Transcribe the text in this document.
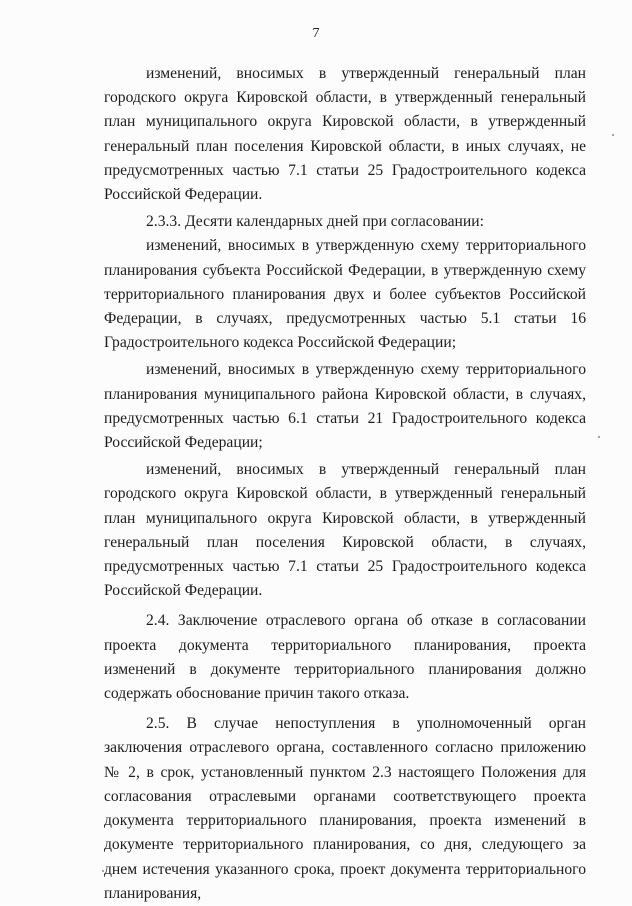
7

изменений, вносимых в утвержденный генеральный план городского округа Кировской области, в утвержденный генеральный план муниципального округа Кировской области, в утвержденный генеральный план поселения Кировской области, в иных случаях, не предусмотренных частью 7.1 статьи 25 Градостроительного кодекса Российской Федерации.

2.3.3. Десяти календарных дней при согласовании:

изменений, вносимых в утвержденную схему территориального планирования субъекта Российской Федерации, в утвержденную схему территориального планирования двух и более субъектов Российской Федерации, в случаях, предусмотренных частью 5.1 статьи 16 Градостроительного кодекса Российской Федерации;

изменений, вносимых в утвержденную схему территориального планирования муниципального района Кировской области, в случаях, предусмотренных частью 6.1 статьи 21 Градостроительного кодекса Российской Федерации;

изменений, вносимых в утвержденный генеральный план городского округа Кировской области, в утвержденный генеральный план муниципального округа Кировской области, в утвержденный генеральный план поселения Кировской области, в случаях, предусмотренных частью 7.1 статьи 25 Градостроительного кодекса Российской Федерации.

2.4. Заключение отраслевого органа об отказе в согласовании проекта документа территориального планирования, проекта изменений в документе территориального планирования должно содержать обоснование причин такого отказа.

2.5. В случае непоступления в уполномоченный орган заключения отраслевого органа, составленного согласно приложению № 2, в срок, установленный пунктом 2.3 настоящего Положения для согласования отраслевыми органами соответствующего проекта документа территориального планирования, проекта изменений в документе территориального планирования, со дня, следующего за днем истечения указанного срока, проект документа территориального планирования,
